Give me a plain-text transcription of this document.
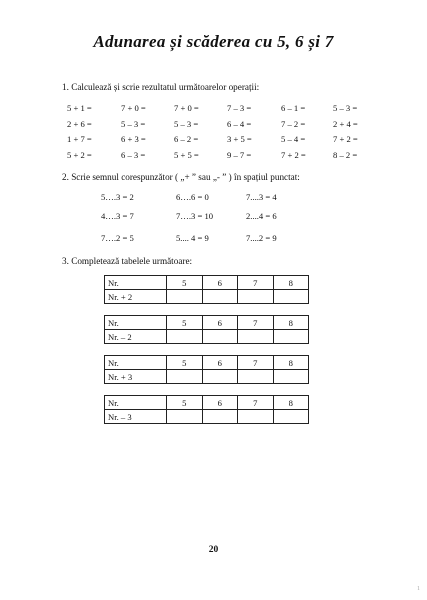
Adunarea și scăderea cu 5, 6 și 7
1. Calculează și scrie rezultatul următoarelor operații:
5 + 1 =	7 + 0 =	7 + 0 =	7 – 3 =	6 – 1 =	5 – 3 =
2 + 6 =	5 – 3 =	5 – 3 =	6 – 4 =	7 – 2 =	2 + 4 =
1 + 7 =	6 + 3 =	6 – 2 =	3 + 5 =	5 – 4 =	7 + 2 =
5 + 2 =	6 – 3 =	5 + 5 =	9 – 7 =	7 + 2 =	8 – 2 =
2. Scrie semnul corespunzător ( „+ ” sau „- ” ) în spațiul punctat:
5….3 = 2	6….6 = 0	7....3 = 4
4….3 = 7	7….3 = 10	2....4 = 6
7….2 = 5	5.... 4 = 9	7....2 = 9
3. Completează tabelele următoare:
Nr.	5	6	7	8
Nr. + 2				
Nr.	5	6	7	8
Nr. – 2				
Nr.	5	6	7	8
Nr. + 3				
Nr.	5	6	7	8
Nr. – 3				
20
1
